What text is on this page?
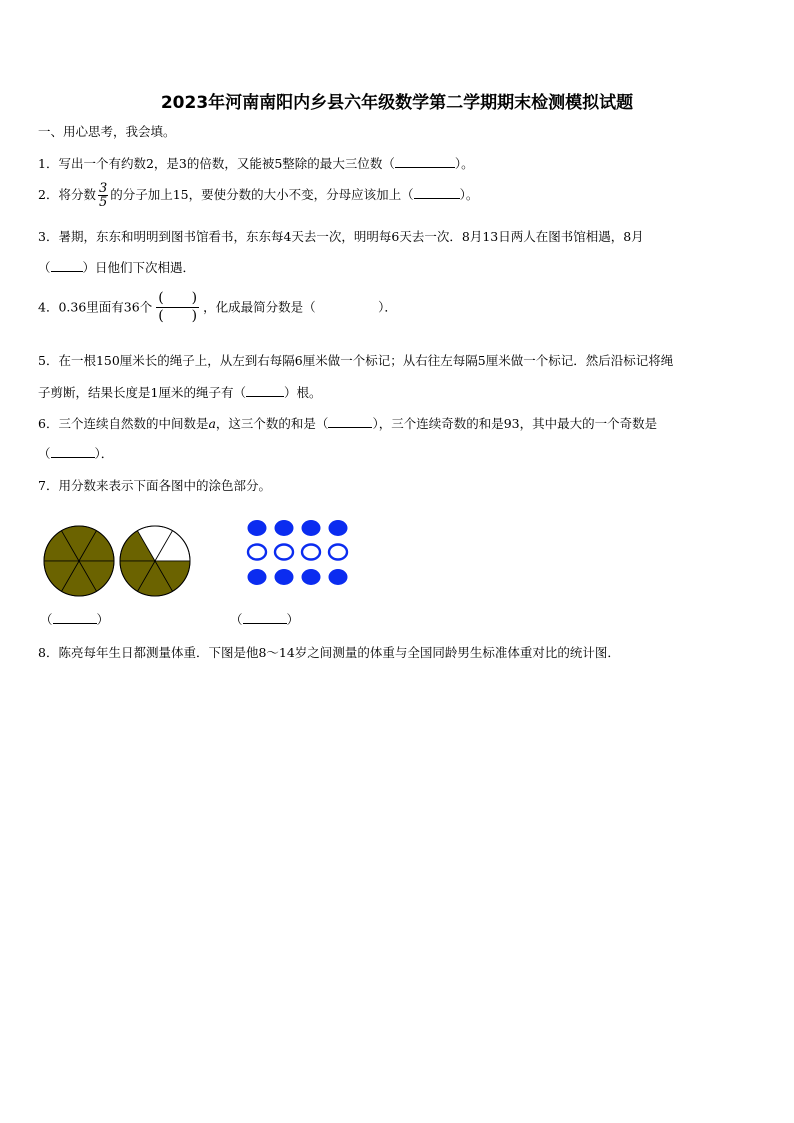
2023年河南南阳内乡县六年级数学第二学期期末检测模拟试题
一、用心思考，我会填。
1．写出一个有约数2，是3的倍数，又能被5整除的最大三位数（	）。
2．将分数 $\frac{3}{5}$ 的分子加上15，要使分数的大小不变，分母应该加上（	）。
3．暑期，东东和明明到图书馆看书，东东每4天去一次，明明每6天去一次．8月13日两人在图书馆相遇，8月
（	）日他们下次相遇．
4．0.36里面有36个
(　　)
(　　)
，化成最简分数是（　　　　　）．
5．在一根150厘米长的绳子上，从左到右每隔6厘米做一个标记；从右往左每隔5厘米做一个标记．然后沿标记将绳
子剪断，结果长度是1厘米的绳子有（	）根。
6．三个连续自然数的中间数是a，这三个数的和是（	），三个连续奇数的和是93，其中最大的一个奇数是
（	）．
7．用分数来表示下面各图中的涂色部分。
（	）	（	）
8．陈亮每年生日都测量体重．下图是他8～14岁之间测量的体重与全国同龄男生标准体重对比的统计图．
